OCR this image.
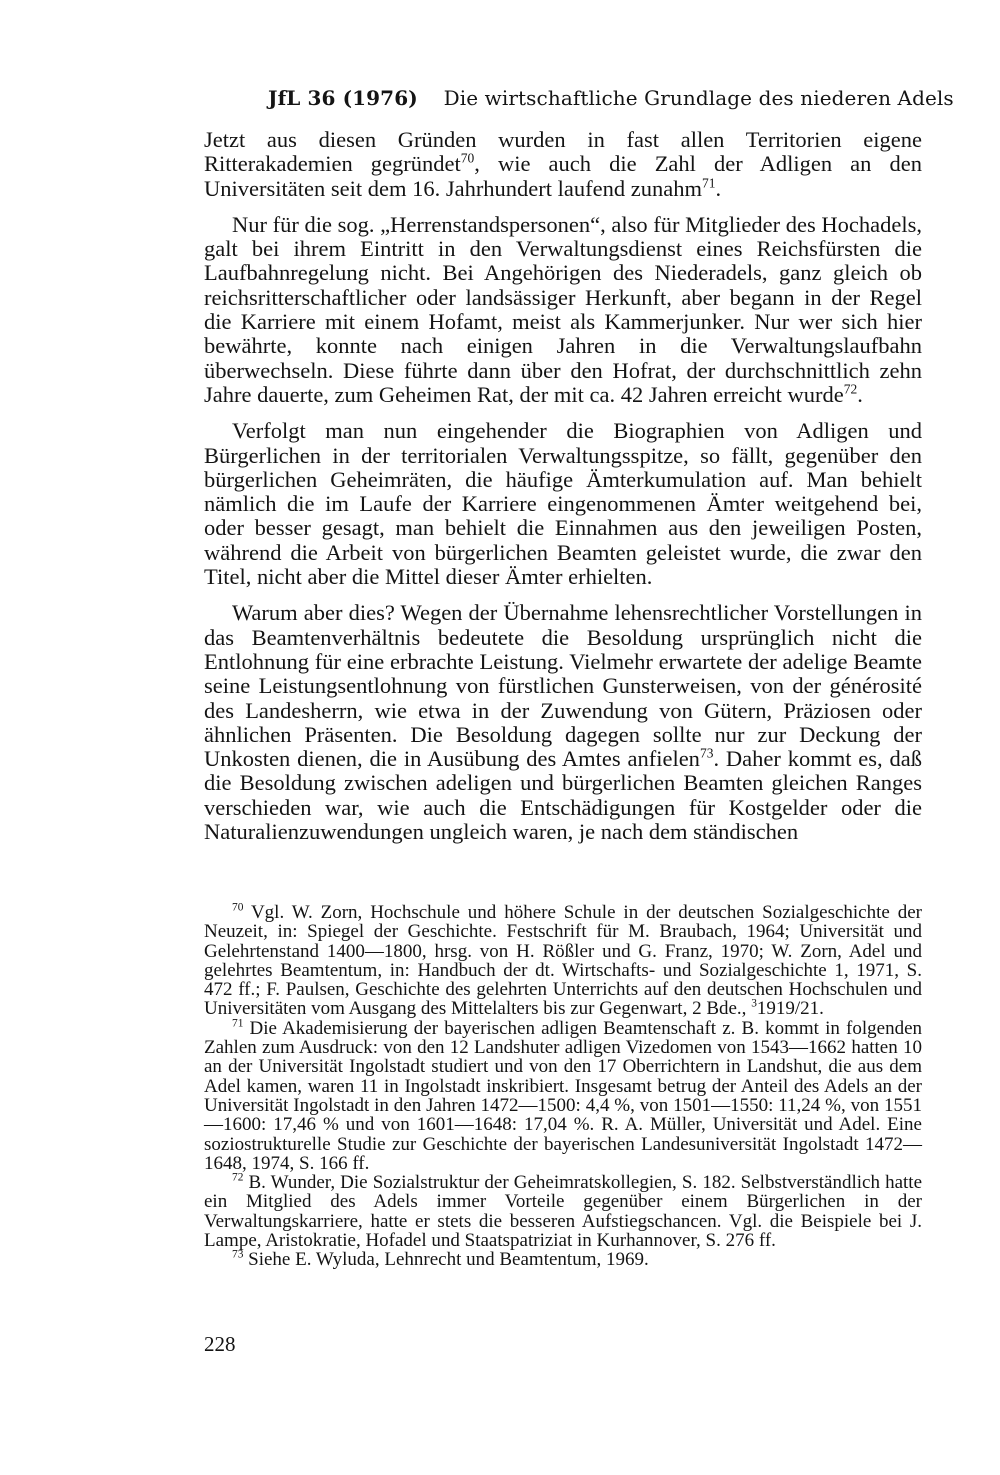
JfL 36 (1976) Die wirtschaftliche Grundlage des niederen Adels

Jetzt aus diesen Gründen wurden in fast allen Territorien eigene Ritterakademien gegründet$^{70}$, wie auch die Zahl der Adligen an den Universitäten seit dem 16. Jahrhundert laufend zunahm$^{71}$.

Nur für die sog. „Herrenstandspersonen“, also für Mitglieder des Hochadels, galt bei ihrem Eintritt in den Verwaltungsdienst eines Reichsfürsten die Laufbahnregelung nicht. Bei Angehörigen des Niederadels, ganz gleich ob reichsritterschaftlicher oder landsässiger Herkunft, aber begann in der Regel die Karriere mit einem Hofamt, meist als Kammerjunker. Nur wer sich hier bewährte, konnte nach einigen Jahren in die Verwaltungslaufbahn überwechseln. Diese führte dann über den Hofrat, der durchschnittlich zehn Jahre dauerte, zum Geheimen Rat, der mit ca. 42 Jahren erreicht wurde$^{72}$.

Verfolgt man nun eingehender die Biographien von Adligen und Bürgerlichen in der territorialen Verwaltungsspitze, so fällt, gegenüber den bürgerlichen Geheimräten, die häufige Ämterkumulation auf. Man behielt nämlich die im Laufe der Karriere eingenommenen Ämter weitgehend bei, oder besser gesagt, man behielt die Einnahmen aus den jeweiligen Posten, während die Arbeit von bürgerlichen Beamten geleistet wurde, die zwar den Titel, nicht aber die Mittel dieser Ämter erhielten.

Warum aber dies? Wegen der Übernahme lehensrechtlicher Vorstellungen in das Beamtenverhältnis bedeutete die Besoldung ursprünglich nicht die Entlohnung für eine erbrachte Leistung. Vielmehr erwartete der adelige Beamte seine Leistungsentlohnung von fürstlichen Gunsterweisen, von der générosité des Landesherrn, wie etwa in der Zuwendung von Gütern, Präziosen oder ähnlichen Präsenten. Die Besoldung dagegen sollte nur zur Deckung der Unkosten dienen, die in Ausübung des Amtes anfielen$^{73}$. Daher kommt es, daß die Besoldung zwischen adeligen und bürgerlichen Beamten gleichen Ranges verschieden war, wie auch die Entschädigungen für Kostgelder oder die Naturalienzuwendungen ungleich waren, je nach dem ständischen

$^{70}$ Vgl. W. Zorn, Hochschule und höhere Schule in der deutschen Sozialgeschichte der Neuzeit, in: Spiegel der Geschichte. Festschrift für M. Braubach, 1964; Universität und Gelehrtenstand 1400—1800, hrsg. von H. Rößler und G. Franz, 1970; W. Zorn, Adel und gelehrtes Beamtentum, in: Handbuch der dt. Wirtschafts- und Sozialgeschichte 1, 1971, S. 472 ff.; F. Paulsen, Geschichte des gelehrten Unterrichts auf den deutschen Hochschulen und Universitäten vom Ausgang des Mittelalters bis zur Gegenwart, 2 Bde., $^3$1919/21.

$^{71}$ Die Akademisierung der bayerischen adligen Beamtenschaft z. B. kommt in folgenden Zahlen zum Ausdruck: von den 12 Landshuter adligen Vizedomen von 1543—1662 hatten 10 an der Universität Ingolstadt studiert und von den 17 Oberrichtern in Landshut, die aus dem Adel kamen, waren 11 in Ingolstadt inskribiert. Insgesamt betrug der Anteil des Adels an der Universität Ingolstadt in den Jahren 1472—1500: 4,4 %, von 1501—1550: 11,24 %, von 1551—1600: 17,46 % und von 1601—1648: 17,04 %. R. A. Müller, Universität und Adel. Eine soziostrukturelle Studie zur Geschichte der bayerischen Landesuniversität Ingolstadt 1472—1648, 1974, S. 166 ff.

$^{72}$ B. Wunder, Die Sozialstruktur der Geheimratskollegien, S. 182. Selbstverständlich hatte ein Mitglied des Adels immer Vorteile gegenüber einem Bürgerlichen in der Verwaltungskarriere, hatte er stets die besseren Aufstiegschancen. Vgl. die Beispiele bei J. Lampe, Aristokratie, Hofadel und Staatspatriziat in Kurhannover, S. 276 ff.

$^{73}$ Siehe E. Wyluda, Lehnrecht und Beamtentum, 1969.

228
